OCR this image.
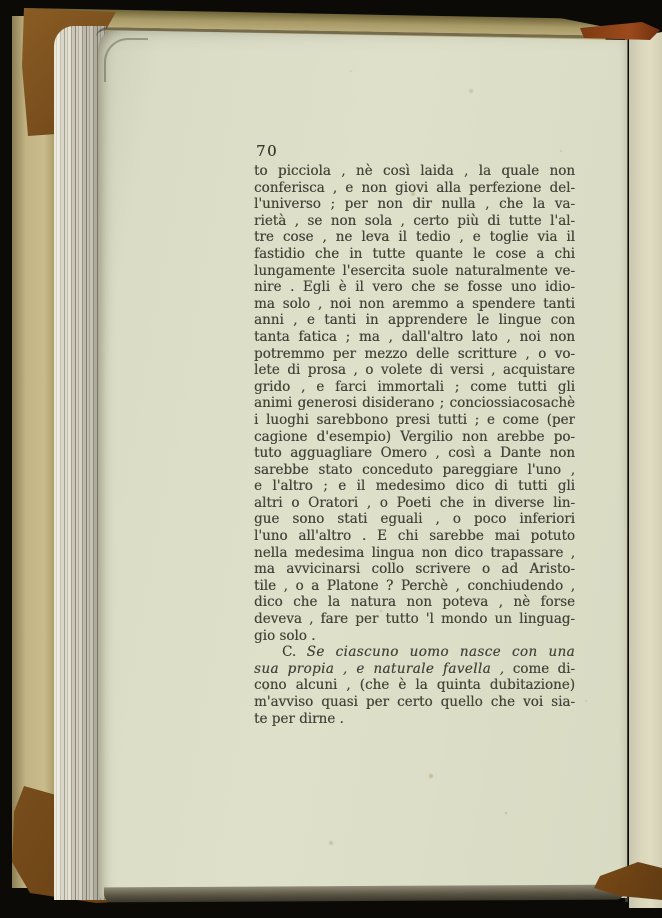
70
to picciola , nè così laida , la quale non
conferisca , e non giovi alla perfezione del-
l'universo ; per non dir nulla , che la va-
rietà , se non sola , certo più di tutte l'al-
tre cose , ne leva il tedio , e toglie via il
fastidio che in tutte quante le cose a chi
lungamente l'esercita suole naturalmente ve-
nire . Egli è il vero che se fosse uno idio-
ma solo , noi non aremmo a spendere tanti
anni , e tanti in apprendere le lingue con
tanta fatica ; ma , dall'altro lato , noi non
potremmo per mezzo delle scritture , o vo-
lete di prosa , o volete di versi , acquistare
grido , e farci immortali ; come tutti gli
animi generosi disiderano ; conciossiacosachè
i luoghi sarebbono presi tutti ; e come (per
cagione d'esempio) Vergilio non arebbe po-
tuto agguagliare Omero , così a Dante non
sarebbe stato conceduto pareggiare l'uno ,
e l'altro ; e il medesimo dico di tutti gli
altri o Oratori , o Poeti che in diverse lin-
gue sono stati eguali , o poco inferiori
l'uno all'altro . E chi sarebbe mai potuto
nella medesima lingua non dico trapassare ,
ma avvicinarsi collo scrivere o ad Aristo-
tile , o a Platone ? Perchè , conchiudendo ,
dico che la natura non poteva , nè forse
deveva , fare per tutto 'l mondo un linguag-
gio solo .
C. Se ciascuno uomo nasce con una
sua propia , e naturale favella , come di-
cono alcuni , (che è la quinta dubitazione)
m'avviso quasi per certo quello che voi sia-
te per dirne .
